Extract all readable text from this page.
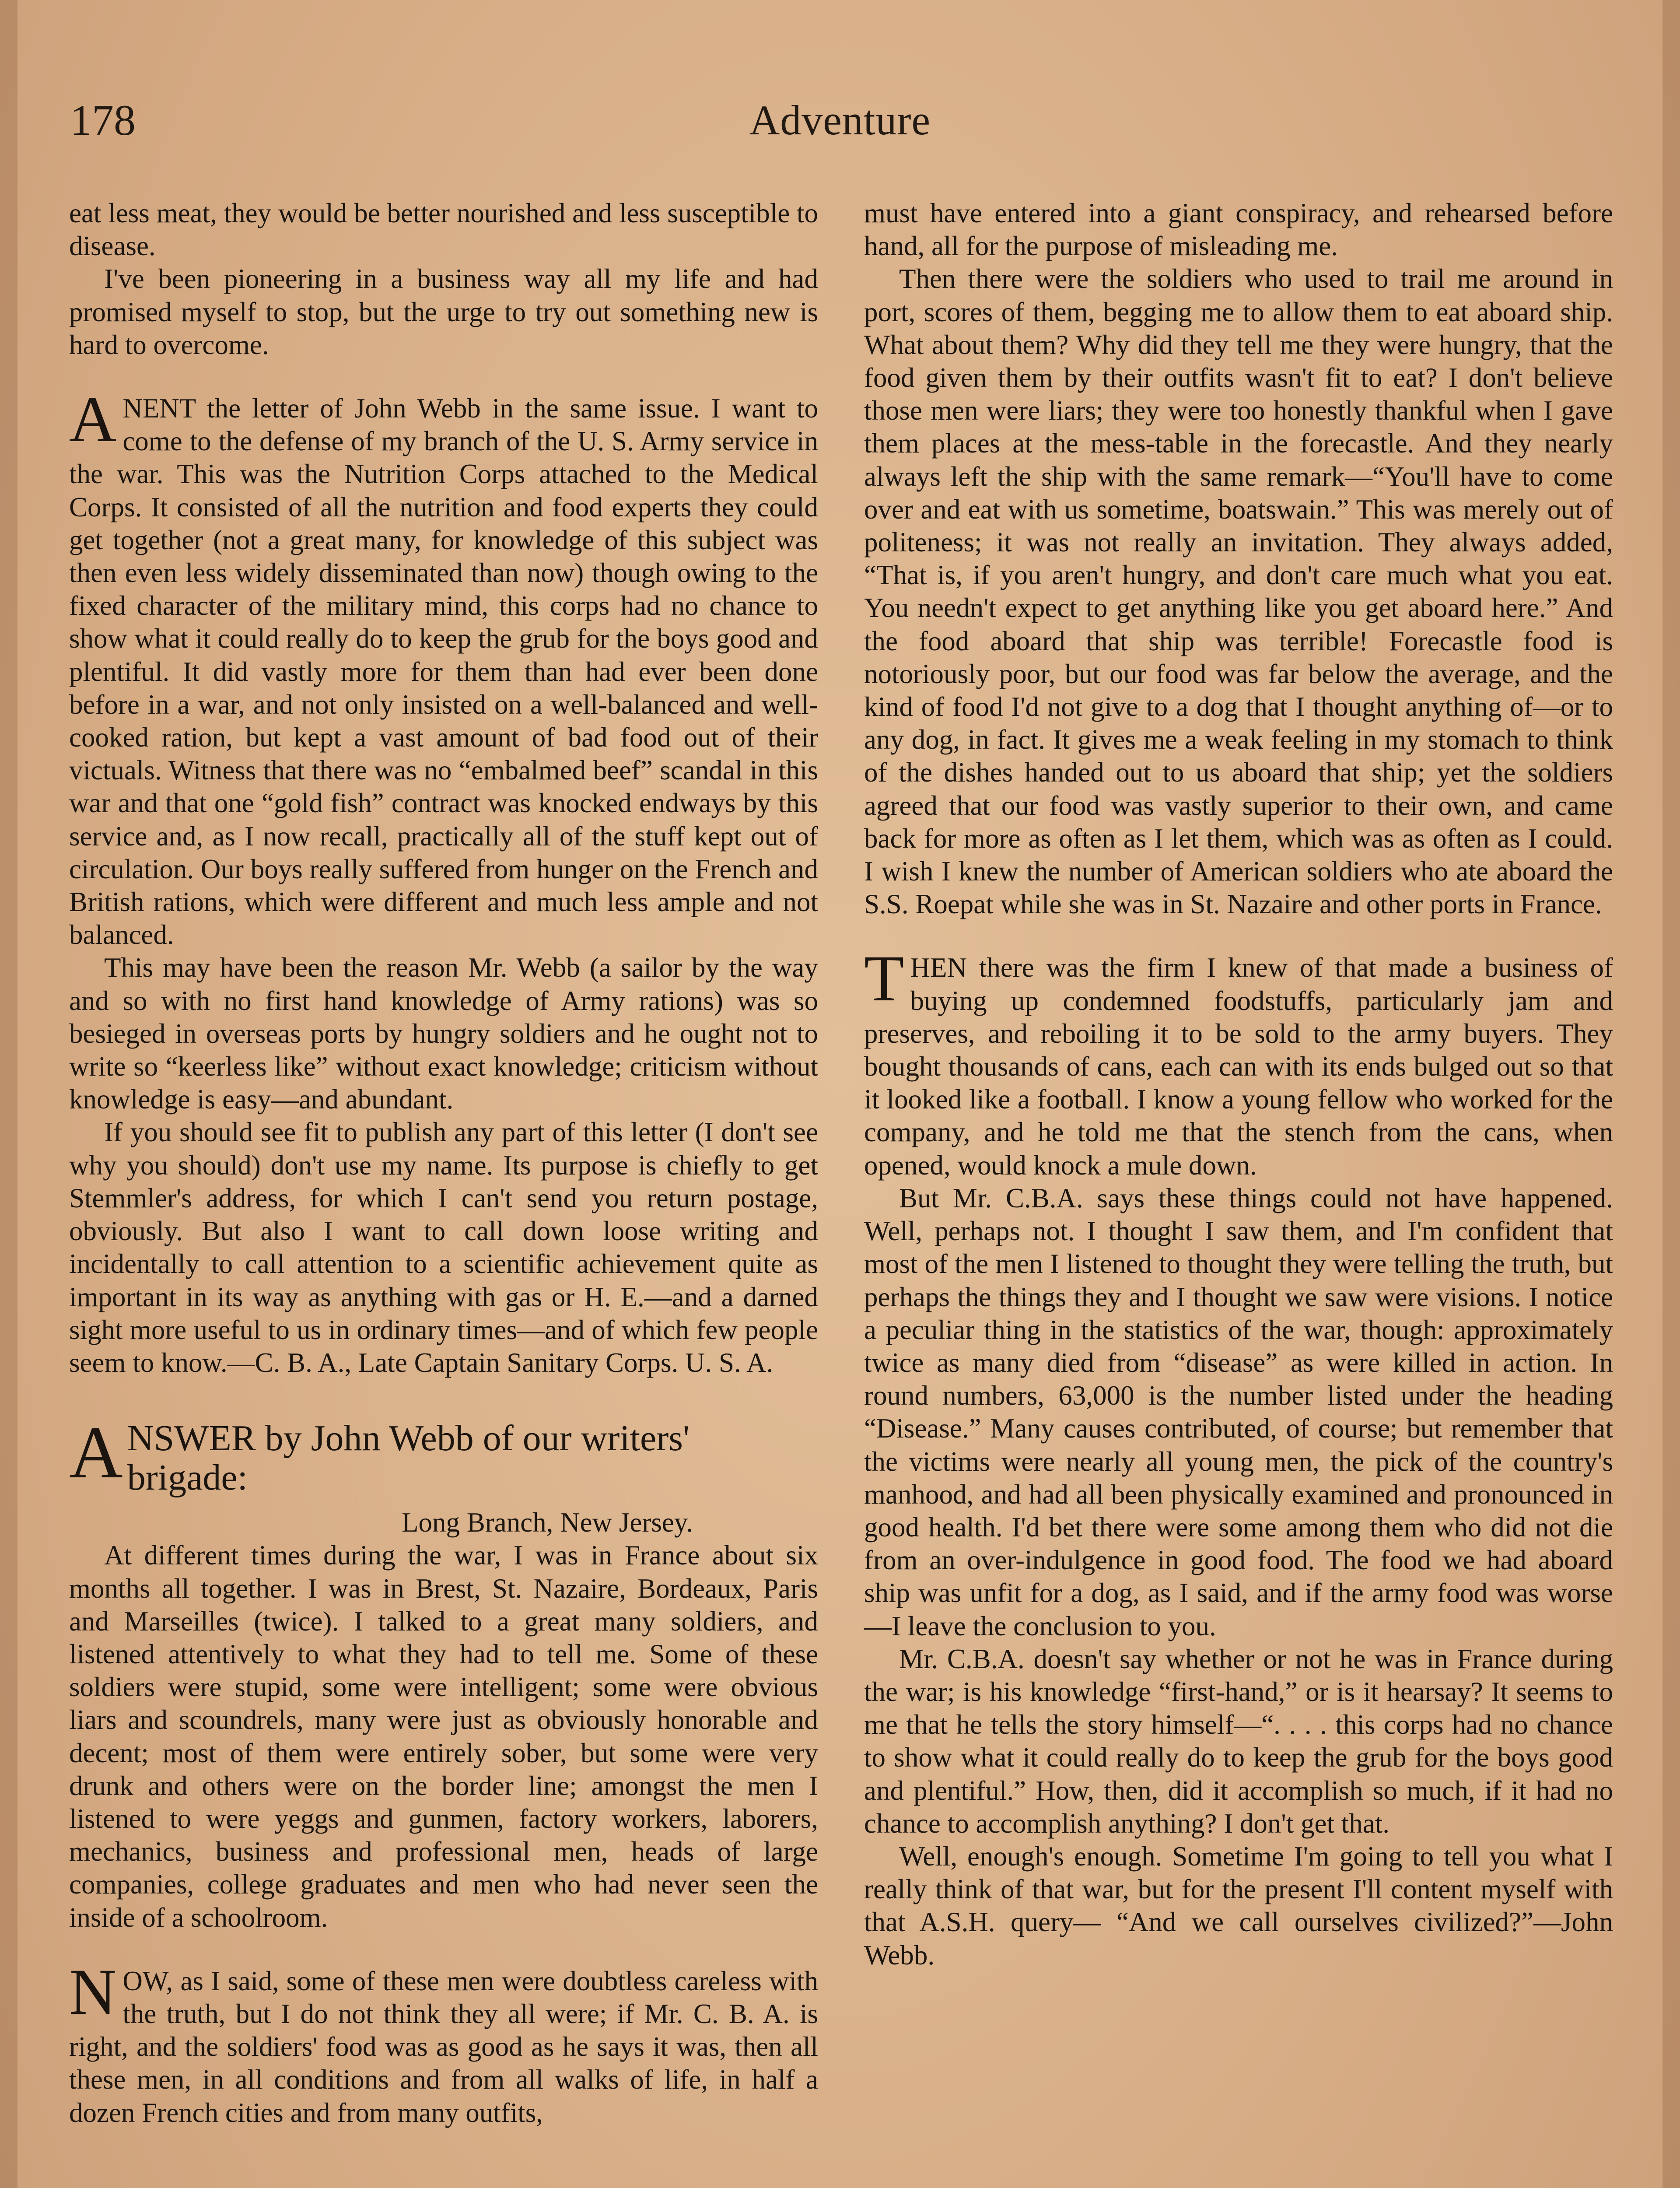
178	Adventure

eat less meat, they would be better nourished and less susceptible to disease.

I've been pioneering in a business way all my life and had promised myself to stop, but the urge to try out something new is hard to overcome.

ANENT the letter of John Webb in the same issue. I want to come to the defense of my branch of the U. S. Army service in the war. This was the Nutrition Corps attached to the Medical Corps. It consisted of all the nutrition and food experts they could get together (not a great many, for knowledge of this subject was then even less widely disseminated than now) though owing to the fixed character of the military mind, this corps had no chance to show what it could really do to keep the grub for the boys good and plentiful. It did vastly more for them than had ever been done before in a war, and not only insisted on a well-balanced and well-cooked ration, but kept a vast amount of bad food out of their victuals. Witness that there was no “embalmed beef” scandal in this war and that one “gold fish” contract was knocked endways by this service and, as I now recall, practically all of the stuff kept out of circulation. Our boys really suffered from hunger on the French and British rations, which were different and much less ample and not balanced.

This may have been the reason Mr. Webb (a sailor by the way and so with no first hand knowledge of Army rations) was so besieged in overseas ports by hungry soldiers and he ought not to write so “keerless like” without exact knowledge; criticism without knowledge is easy—and abundant.

If you should see fit to publish any part of this letter (I don't see why you should) don't use my name. Its purpose is chiefly to get Stemmler's address, for which I can't send you return postage, obviously. But also I want to call down loose writing and incidentally to call attention to a scientific achievement quite as important in its way as anything with gas or H. E.—and a darned sight more useful to us in ordinary times—and of which few people seem to know.—C. B. A., Late Captain Sanitary Corps. U. S. A.

ANSWER by John Webb of our writers' brigade:

Long Branch, New Jersey.

At different times during the war, I was in France about six months all together. I was in Brest, St. Nazaire, Bordeaux, Paris and Marseilles (twice). I talked to a great many soldiers, and listened attentively to what they had to tell me. Some of these soldiers were stupid, some were intelligent; some were obvious liars and scoundrels, many were just as obviously honorable and decent; most of them were entirely sober, but some were very drunk and others were on the border line; amongst the men I listened to were yeggs and gunmen, factory workers, laborers, mechanics, business and professional men, heads of large companies, college graduates and men who had never seen the inside of a schoolroom.

NOW, as I said, some of these men were doubtless careless with the truth, but I do not think they all were; if Mr. C. B. A. is right, and the soldiers' food was as good as he says it was, then all these men, in all conditions and from all walks of life, in half a dozen French cities and from many outfits,

must have entered into a giant conspiracy, and rehearsed before hand, all for the purpose of misleading me.

Then there were the soldiers who used to trail me around in port, scores of them, begging me to allow them to eat aboard ship. What about them? Why did they tell me they were hungry, that the food given them by their outfits wasn't fit to eat? I don't believe those men were liars; they were too honestly thankful when I gave them places at the mess-table in the forecastle. And they nearly always left the ship with the same remark—“You'll have to come over and eat with us sometime, boatswain.” This was merely out of politeness; it was not really an invitation. They always added, “That is, if you aren't hungry, and don't care much what you eat. You needn't expect to get anything like you get aboard here.” And the food aboard that ship was terrible! Forecastle food is notoriously poor, but our food was far below the average, and the kind of food I'd not give to a dog that I thought anything of—or to any dog, in fact. It gives me a weak feeling in my stomach to think of the dishes handed out to us aboard that ship; yet the soldiers agreed that our food was vastly superior to their own, and came back for more as often as I let them, which was as often as I could. I wish I knew the number of American soldiers who ate aboard the S.S. Roepat while she was in St. Nazaire and other ports in France.

THEN there was the firm I knew of that made a business of buying up condemned foodstuffs, particularly jam and preserves, and reboiling it to be sold to the army buyers. They bought thousands of cans, each can with its ends bulged out so that it looked like a football. I know a young fellow who worked for the company, and he told me that the stench from the cans, when opened, would knock a mule down.

But Mr. C.B.A. says these things could not have happened. Well, perhaps not. I thought I saw them, and I'm confident that most of the men I listened to thought they were telling the truth, but perhaps the things they and I thought we saw were visions. I notice a peculiar thing in the statistics of the war, though: approximately twice as many died from “disease” as were killed in action. In round numbers, 63,000 is the number listed under the heading “Disease.” Many causes contributed, of course; but remember that the victims were nearly all young men, the pick of the country's manhood, and had all been physically examined and pronounced in good health. I'd bet there were some among them who did not die from an over-indulgence in good food. The food we had aboard ship was unfit for a dog, as I said, and if the army food was worse—I leave the conclusion to you.

Mr. C.B.A. doesn't say whether or not he was in France during the war; is his knowledge “first-hand,” or is it hearsay? It seems to me that he tells the story himself—“. . . . this corps had no chance to show what it could really do to keep the grub for the boys good and plentiful.” How, then, did it accomplish so much, if it had no chance to accomplish anything? I don't get that.

Well, enough's enough. Sometime I'm going to tell you what I really think of that war, but for the present I'll content myself with that A.S.H. query— “And we call ourselves civilized?”—John Webb.
